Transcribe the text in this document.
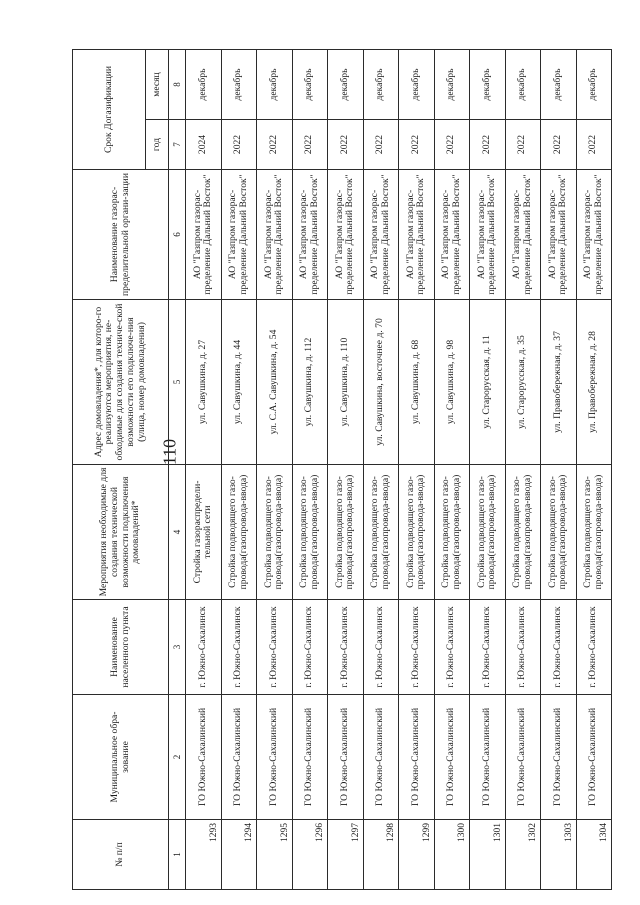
110
№ п/п	Муниципальное обра-зование	Наименование населенного пункта	Мероприятия необходимые для создания технической возможности подключения домовладений*	Адрес домовладения*, для которо-го реализуются мероприятия, не-обходимые для создания техниче-ской возможности его подключе-ния (улица, номер домовладения)	Наименование газорас-пределительной органи-зации	Срок Догазификации	
						год	месяц
1	2	3	4	5	6	7	8
1293	ГО Южно-Сахалинский	г. Южно-Сахалинск	Стройка газораспредели-тельной сети	ул. Савушкина, д. 27	АО "Газпром газорас-пределение Дальний Восток"	2024	декабрь
1294	ГО Южно-Сахалинский	г. Южно-Сахалинск	Стройка подводящего газо-провода(газопровода-ввода)	ул. Савушкина, д. 44	АО "Газпром газорас-пределение Дальний Восток"	2022	декабрь
1295	ГО Южно-Сахалинский	г. Южно-Сахалинск	Стройка подводящего газо-провода(газопровода-ввода)	ул. С.А. Савушкина, д. 54	АО "Газпром газорас-пределение Дальний Восток"	2022	декабрь
1296	ГО Южно-Сахалинский	г. Южно-Сахалинск	Стройка подводящего газо-провода(газопровода-ввода)	ул. Савушкина, д. 112	АО "Газпром газорас-пределение Дальний Восток"	2022	декабрь
1297	ГО Южно-Сахалинский	г. Южно-Сахалинск	Стройка подводящего газо-провода(газопровода-ввода)	ул. Савушкина, д. 110	АО "Газпром газорас-пределение Дальний Восток"	2022	декабрь
1298	ГО Южно-Сахалинский	г. Южно-Сахалинск	Стройка подводящего газо-провода(газопровода-ввода)	ул. Савушкина, восточнее д. 70	АО "Газпром газорас-пределение Дальний Восток"	2022	декабрь
1299	ГО Южно-Сахалинский	г. Южно-Сахалинск	Стройка подводящего газо-провода(газопровода-ввода)	ул. Савушкина, д. 68	АО "Газпром газорас-пределение Дальний Восток"	2022	декабрь
1300	ГО Южно-Сахалинский	г. Южно-Сахалинск	Стройка подводящего газо-провода(газопровода-ввода)	ул. Савушкина, д. 98	АО "Газпром газорас-пределение Дальний Восток"	2022	декабрь
1301	ГО Южно-Сахалинский	г. Южно-Сахалинск	Стройка подводящего газо-провода(газопровода-ввода)	ул. Старорусская, д. 11	АО "Газпром газорас-пределение Дальний Восток"	2022	декабрь
1302	ГО Южно-Сахалинский	г. Южно-Сахалинск	Стройка подводящего газо-провода(газопровода-ввода)	ул. Старорусская, д. 35	АО "Газпром газорас-пределение Дальний Восток"	2022	декабрь
1303	ГО Южно-Сахалинский	г. Южно-Сахалинск	Стройка подводящего газо-провода(газопровода-ввода)	ул. Правобережная, д. 37	АО "Газпром газорас-пределение Дальний Восток"	2022	декабрь
1304	ГО Южно-Сахалинский	г. Южно-Сахалинск	Стройка подводящего газо-провода(газопровода-ввода)	ул. Правобережная, д. 28	АО "Газпром газорас-пределение Дальний Восток"	2022	декабрь
